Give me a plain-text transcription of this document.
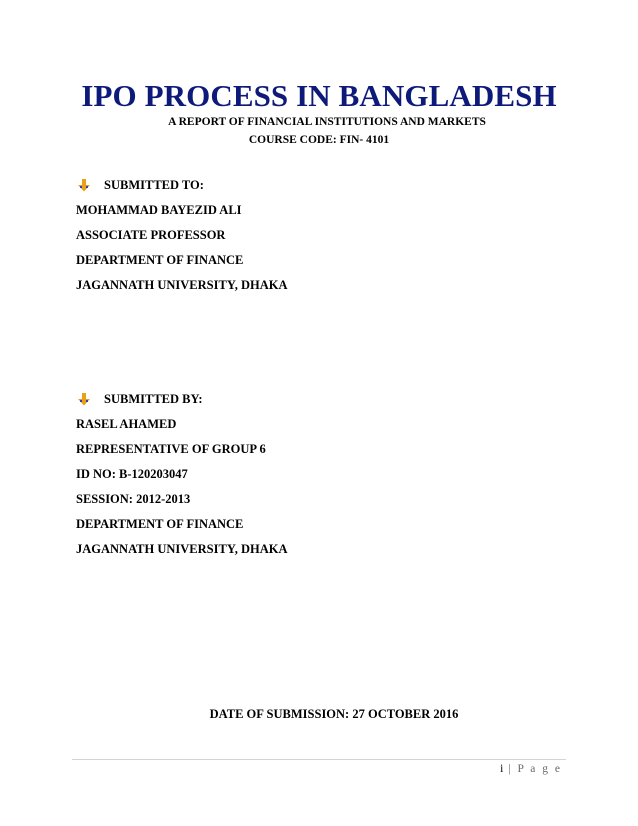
IPO PROCESS IN BANGLADESH
A REPORT OF FINANCIAL INSTITUTIONS AND MARKETS
COURSE CODE: FIN- 4101
SUBMITTED TO:
MOHAMMAD BAYEZID ALI
ASSOCIATE PROFESSOR
DEPARTMENT OF FINANCE
JAGANNATH UNIVERSITY, DHAKA
SUBMITTED BY:
RASEL AHAMED
REPRESENTATIVE OF GROUP 6
ID NO: B-120203047
SESSION: 2012-2013
DEPARTMENT OF FINANCE
JAGANNATH UNIVERSITY, DHAKA
DATE OF SUBMISSION: 27 OCTOBER 2016
i | P a g e
